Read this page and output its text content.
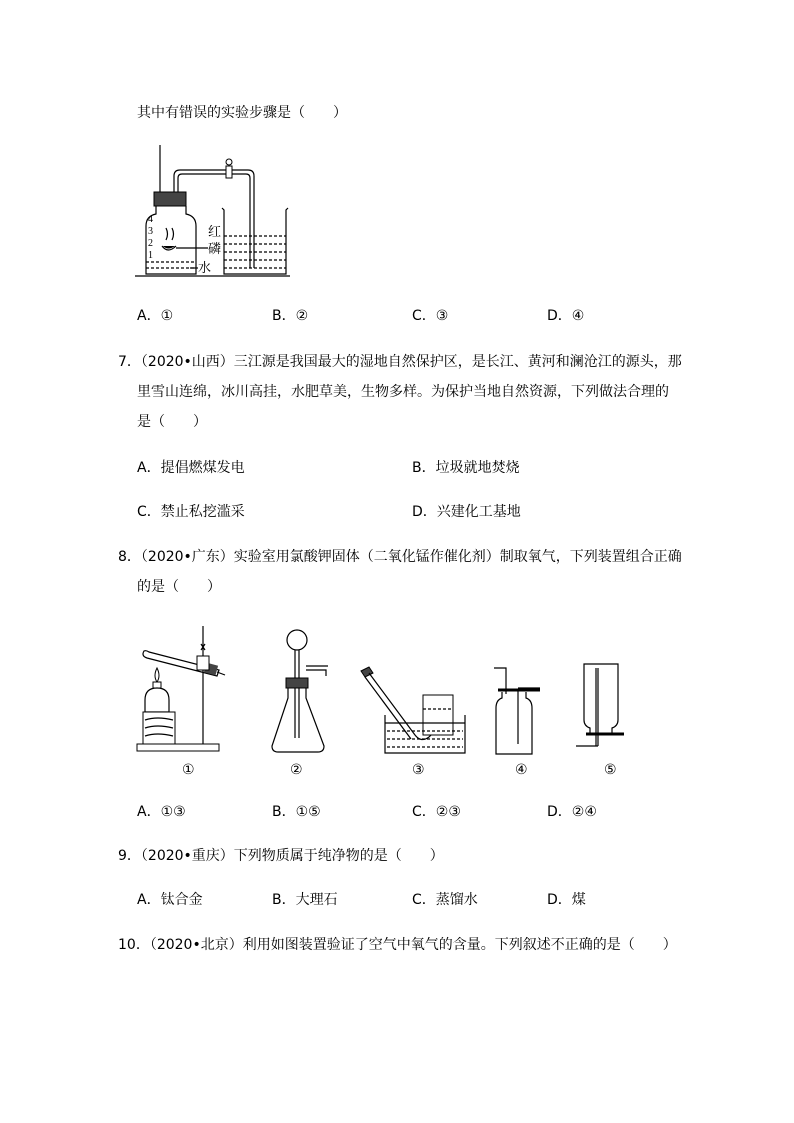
其中有错误的实验步骤是（　　）
4
3
2
1
红
磷
水
A．①	B．②	C．③	D．④
7．（2020•山西）三江源是我国最大的湿地自然保护区，是长江、黄河和澜沧江的源头，那
里雪山连绵，冰川高挂，水肥草美，生物多样。为保护当地自然资源，下列做法合理的
是（　　）
A．提倡燃煤发电	B．垃圾就地焚烧
C．禁止私挖滥采	D．兴建化工基地
8．（2020•广东）实验室用氯酸钾固体（二氧化锰作催化剂）制取氧气，下列装置组合正确
的是（　　）
①	②	③	④	⑤
A．①③	B．①⑤	C．②③	D．②④
9．（2020•重庆）下列物质属于纯净物的是（　　）
A．钛合金	B．大理石	C．蒸馏水	D．煤
10．（2020•北京）利用如图装置验证了空气中氧气的含量。下列叙述不正确的是（　　）
